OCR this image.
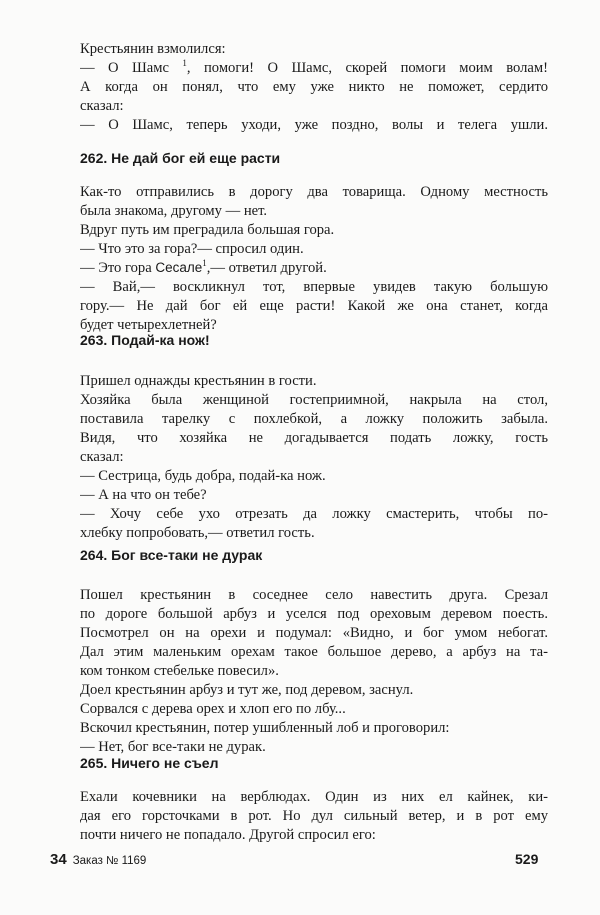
Крестьянин взмолился:
— О Шамс $^1$, помоги! О Шамс, скорей помоги моим волам!
А когда он понял, что ему уже никто не поможет, сердито
сказал:
— О Шамс, теперь уходи, уже поздно, волы и телега ушли.
262. Не дай бог ей еще расти
Как-то отправились в дорогу два товарища. Одному местность
была знакома, другому — нет.
Вдруг путь им преградила большая гора.
— Что это за гора?— спросил один.
— Это гора Сесале$^1$,— ответил другой.
— Вай,— воскликнул тот, впервые увидев такую большую
гору.— Не дай бог ей еще расти! Какой же она станет, когда
будет четырехлетней?
263. Подай-ка нож!
Пришел однажды крестьянин в гости.
Хозяйка была женщиной гостеприимной, накрыла на стол,
поставила тарелку с похлебкой, а ложку положить забыла.
Видя, что хозяйка не догадывается подать ложку, гость
сказал:
— Сестрица, будь добра, подай-ка нож.
— А на что он тебе?
— Хочу себе ухо отрезать да ложку смастерить, чтобы по-
хлебку попробовать,— ответил гость.
264. Бог все-таки не дурак
Пошел крестьянин в соседнее село навестить друга. Срезал
по дороге большой арбуз и уселся под ореховым деревом поесть.
Посмотрел он на орехи и подумал: «Видно, и бог умом небогат.
Дал этим маленьким орехам такое большое дерево, а арбуз на та-
ком тонком стебельке повесил».
Доел крестьянин арбуз и тут же, под деревом, заснул.
Сорвался с дерева орех и хлоп его по лбу...
Вскочил крестьянин, потер ушибленный лоб и проговорил:
— Нет, бог все-таки не дурак.
265. Ничего не съел
Ехали кочевники на верблюдах. Один из них ел кайнек, ки-
дая его горсточками в рот. Но дул сильный ветер, и в рот ему
почти ничего не попадало. Другой спросил его:
34 Заказ № 1169	529
